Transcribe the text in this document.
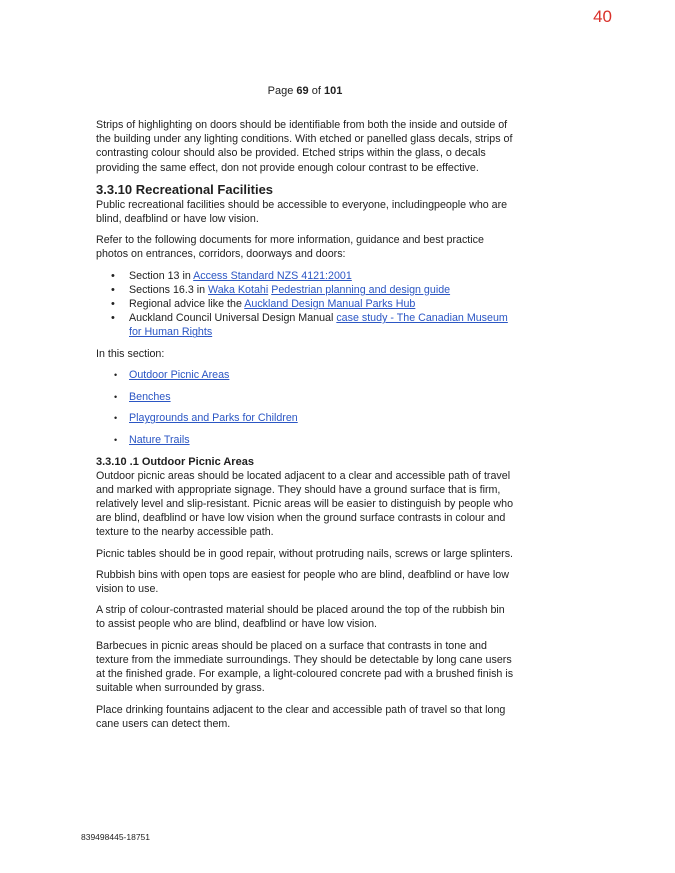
40
Page 69 of 101

Strips of highlighting on doors should be identifiable from both the inside and outside of the building under any lighting conditions. With etched or panelled glass decals, strips of contrasting colour should also be provided. Etched strips within the glass, o decals providing the same effect, don not provide enough colour contrast to be effective.

3.3.10 Recreational Facilities

Public recreational facilities should be accessible to everyone, includingpeople who are blind, deafblind or have low vision.

Refer to the following documents for more information, guidance and best practice photos on entrances, corridors, doorways and doors:

• Section 13 in Access Standard NZS 4121:2001
• Sections 16.3 in Waka Kotahi Pedestrian planning and design guide
• Regional advice like the Auckland Design Manual Parks Hub
• Auckland Council Universal Design Manual case study - The Canadian Museum for Human Rights

In this section:

• Outdoor Picnic Areas
• Benches
• Playgrounds and Parks for Children
• Nature Trails
3.3.10 .1 Outdoor Picnic Areas

Outdoor picnic areas should be located adjacent to a clear and accessible path of travel and marked with appropriate signage. They should have a ground surface that is firm, relatively level and slip-resistant. Picnic areas will be easier to distinguish by people who are blind, deafblind or have low vision when the ground surface contrasts in colour and texture to the nearby accessible path.

Picnic tables should be in good repair, without protruding nails, screws or large splinters.

Rubbish bins with open tops are easiest for people who are blind, deafblind or have low vision to use.

A strip of colour-contrasted material should be placed around the top of the rubbish bin to assist people who are blind, deafblind or have low vision.

Barbecues in picnic areas should be placed on a surface that contrasts in tone and texture from the immediate surroundings. They should be detectable by long cane users at the finished grade. For example, a light-coloured concrete pad with a brushed finish is suitable when surrounded by grass.

Place drinking fountains adjacent to the clear and accessible path of travel so that long cane users can detect them.

839498445-18751
